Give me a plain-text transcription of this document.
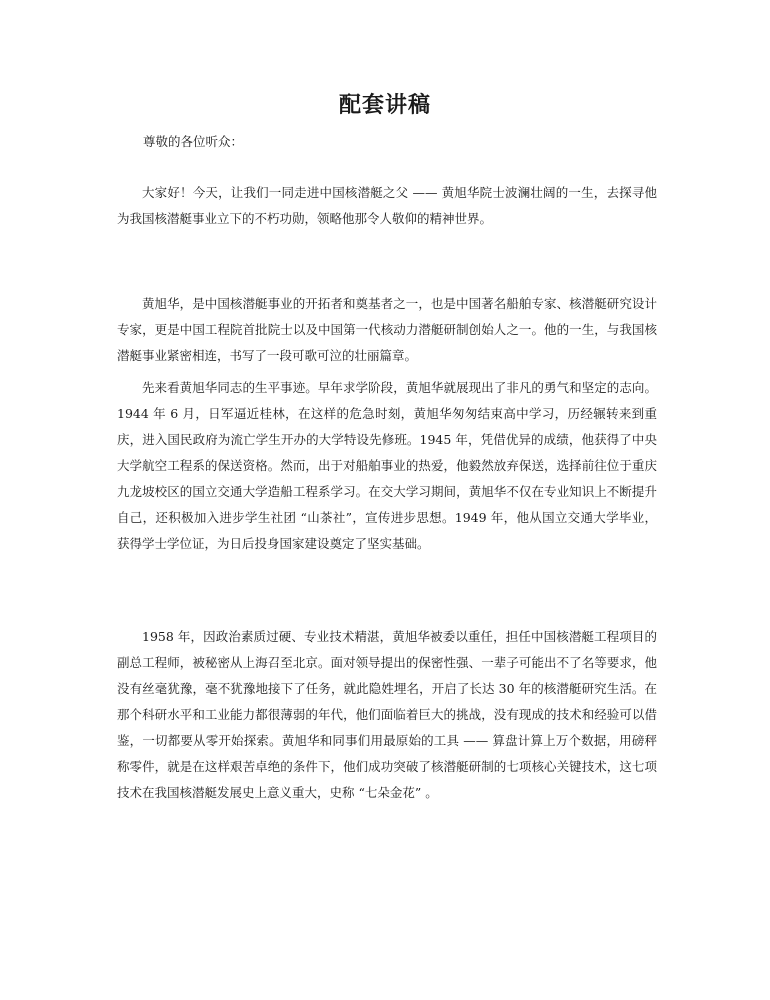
配套讲稿
尊敬的各位听众：

大家好！今天，让我们一同走进中国核潜艇之父 —— 黄旭华院士波澜壮阔的一生，去探寻他为我国核潜艇事业立下的不朽功勋，领略他那令人敬仰的精神世界。

黄旭华，是中国核潜艇事业的开拓者和奠基者之一，也是中国著名船舶专家、核潜艇研究设计专家，更是中国工程院首批院士以及中国第一代核动力潜艇研制创始人之一。他的一生，与我国核潜艇事业紧密相连，书写了一段可歌可泣的壮丽篇章。

先来看黄旭华同志的生平事迹。早年求学阶段，黄旭华就展现出了非凡的勇气和坚定的志向。1944 年 6 月，日军逼近桂林，在这样的危急时刻，黄旭华匆匆结束高中学习，历经辗转来到重庆，进入国民政府为流亡学生开办的大学特设先修班。1945 年，凭借优异的成绩，他获得了中央大学航空工程系的保送资格。然而，出于对船舶事业的热爱，他毅然放弃保送，选择前往位于重庆九龙坡校区的国立交通大学造船工程系学习。在交大学习期间，黄旭华不仅在专业知识上不断提升自己，还积极加入进步学生社团 “山茶社”，宣传进步思想。1949 年，他从国立交通大学毕业，获得学士学位证，为日后投身国家建设奠定了坚实基础。

1958 年，因政治素质过硬、专业技术精湛，黄旭华被委以重任，担任中国核潜艇工程项目的副总工程师，被秘密从上海召至北京。面对领导提出的保密性强、一辈子可能出不了名等要求，他没有丝毫犹豫，毫不犹豫地接下了任务，就此隐姓埋名，开启了长达 30 年的核潜艇研究生活。在那个科研水平和工业能力都很薄弱的年代，他们面临着巨大的挑战，没有现成的技术和经验可以借鉴，一切都要从零开始探索。黄旭华和同事们用最原始的工具 —— 算盘计算上万个数据，用磅秤称零件，就是在这样艰苦卓绝的条件下，他们成功突破了核潜艇研制的七项核心关键技术，这七项技术在我国核潜艇发展史上意义重大，史称 “七朵金花” 。
